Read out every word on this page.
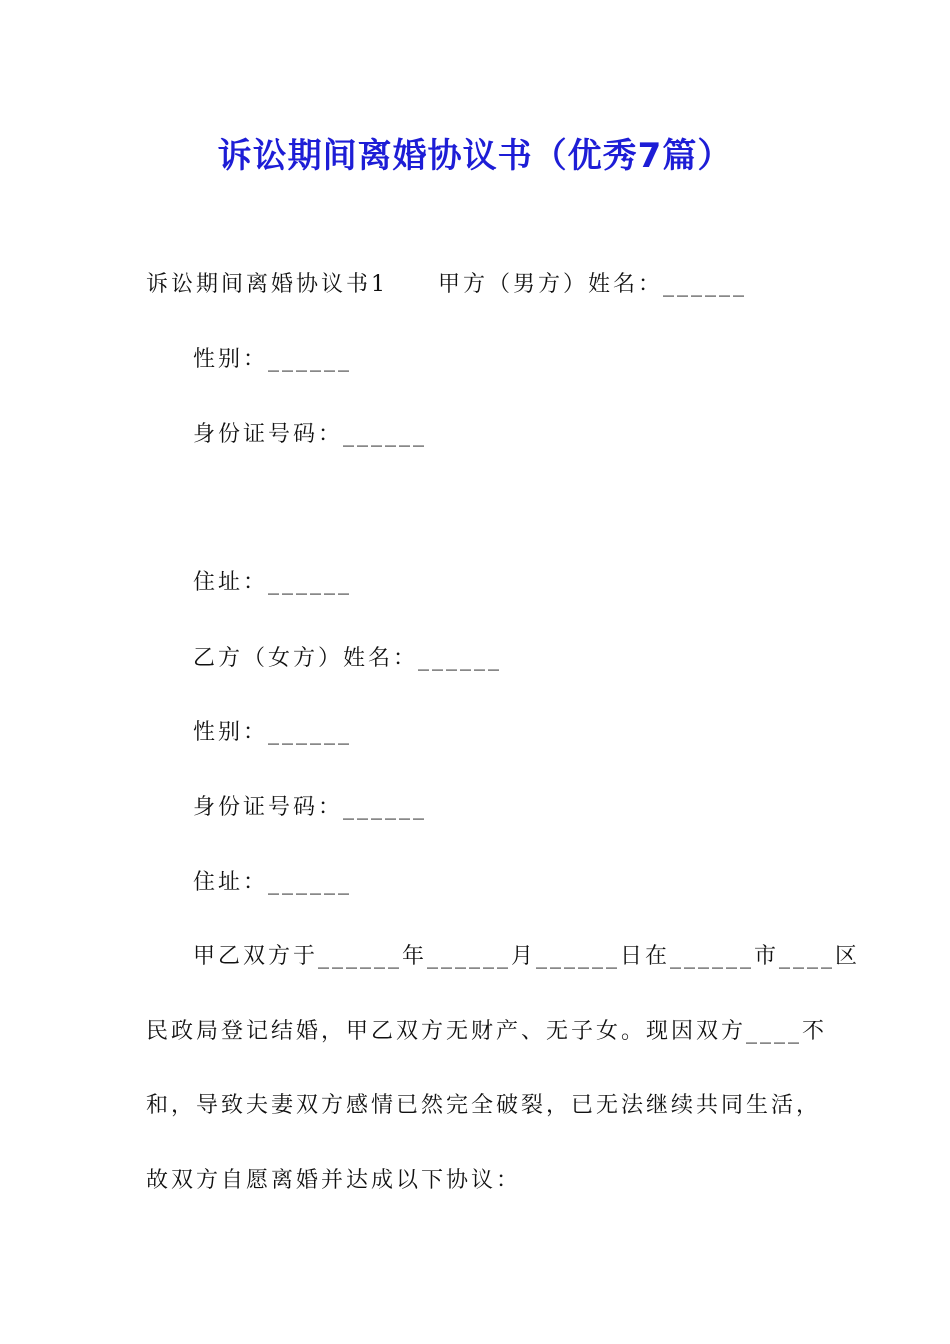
诉讼期间离婚协议书（优秀7篇）
诉讼期间离婚协议书1　　甲方（男方）姓名：______
性别：______
身份证号码：______
住址：______
乙方（女方）姓名：______
性别：______
身份证号码：______
住址：______
甲乙双方于______年______月______日在______市____区
民政局登记结婚，甲乙双方无财产、无子女。现因双方____不
和，导致夫妻双方感情已然完全破裂，已无法继续共同生活，
故双方自愿离婚并达成以下协议：
